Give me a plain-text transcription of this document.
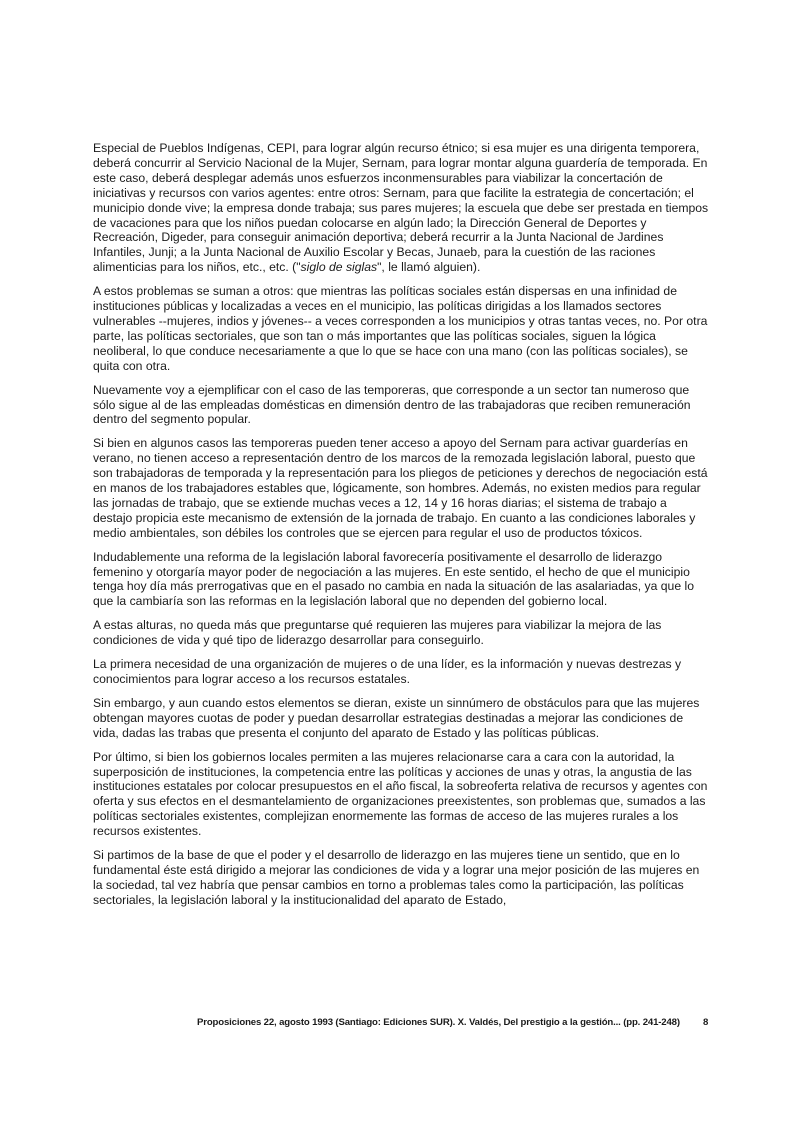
Especial de Pueblos Indígenas, CEPI, para lograr algún recurso étnico; si esa mujer es una dirigenta temporera, deberá concurrir al Servicio Nacional de la Mujer, Sernam, para lograr montar alguna guardería de temporada. En este caso, deberá desplegar además unos esfuerzos inconmensurables para viabilizar la concertación de iniciativas y recursos con varios agentes: entre otros: Sernam, para que facilite la estrategia de concertación; el municipio donde vive; la empresa donde trabaja; sus pares mujeres; la escuela que debe ser prestada en tiempos de vacaciones para que los niños puedan colocarse en algún lado; la Dirección General de Deportes y Recreación, Digeder, para conseguir animación deportiva; deberá recurrir a la Junta Nacional de Jardines Infantiles, Junji; a la Junta Nacional de Auxilio Escolar y Becas, Junaeb, para la cuestión de las raciones alimenticias para los niños, etc., etc. ("siglo de siglas", le llamó alguien).

A estos problemas se suman a otros: que mientras las políticas sociales están dispersas en una infinidad de instituciones públicas y localizadas a veces en el municipio, las políticas dirigidas a los llamados sectores vulnerables --mujeres, indios y jóvenes-- a veces corresponden a los municipios y otras tantas veces, no. Por otra parte, las políticas sectoriales, que son tan o más importantes que las políticas sociales, siguen la lógica neoliberal, lo que conduce necesariamente a que lo que se hace con una mano (con las políticas sociales), se quita con otra.

Nuevamente voy a ejemplificar con el caso de las temporeras, que corresponde a un sector tan numeroso que sólo sigue al de las empleadas domésticas en dimensión dentro de las trabajadoras que reciben remuneración dentro del segmento popular.

Si bien en algunos casos las temporeras pueden tener acceso a apoyo del Sernam para activar guarderías en verano, no tienen acceso a representación dentro de los marcos de la remozada legislación laboral, puesto que son trabajadoras de temporada y la representación para los pliegos de peticiones y derechos de negociación está en manos de los trabajadores estables que, lógicamente, son hombres. Además, no existen medios para regular las jornadas de trabajo, que se extiende muchas veces a 12, 14 y 16 horas diarias; el sistema de trabajo a destajo propicia este mecanismo de extensión de la jornada de trabajo. En cuanto a las condiciones laborales y medio ambientales, son débiles los controles que se ejercen para regular el uso de productos tóxicos.

Indudablemente una reforma de la legislación laboral favorecería positivamente el desarrollo de liderazgo femenino y otorgaría mayor poder de negociación a las mujeres. En este sentido, el hecho de que el municipio tenga hoy día más prerrogativas que en el pasado no cambia en nada la situación de las asalariadas, ya que lo que la cambiaría son las reformas en la legislación laboral que no dependen del gobierno local.

A estas alturas, no queda más que preguntarse qué requieren las mujeres para viabilizar la mejora de las condiciones de vida y qué tipo de liderazgo desarrollar para conseguirlo.

La primera necesidad de una organización de mujeres o de una líder, es la información y nuevas destrezas y conocimientos para lograr acceso a los recursos estatales.

Sin embargo, y aun cuando estos elementos se dieran, existe un sinnúmero de obstáculos para que las mujeres obtengan mayores cuotas de poder y puedan desarrollar estrategias destinadas a mejorar las condiciones de vida, dadas las trabas que presenta el conjunto del aparato de Estado y las políticas públicas.

Por último, si bien los gobiernos locales permiten a las mujeres relacionarse cara a cara con la autoridad, la superposición de instituciones, la competencia entre las políticas y acciones de unas y otras, la angustia de las instituciones estatales por colocar presupuestos en el año fiscal, la sobreoferta relativa de recursos y agentes con oferta y sus efectos en el desmantelamiento de organizaciones preexistentes, son problemas que, sumados a las políticas sectoriales existentes, complejizan enormemente las formas de acceso de las mujeres rurales a los recursos existentes.

Si partimos de la base de que el poder y el desarrollo de liderazgo en las mujeres tiene un sentido, que en lo fundamental éste está dirigido a mejorar las condiciones de vida y a lograr una mejor posición de las mujeres en la sociedad, tal vez habría que pensar cambios en torno a problemas tales como la participación, las políticas sectoriales, la legislación laboral y la institucionalidad del aparato de Estado,

Proposiciones 22, agosto 1993 (Santiago: Ediciones SUR). X. Valdés, Del prestigio a la gestión... (pp. 241-248) 8
